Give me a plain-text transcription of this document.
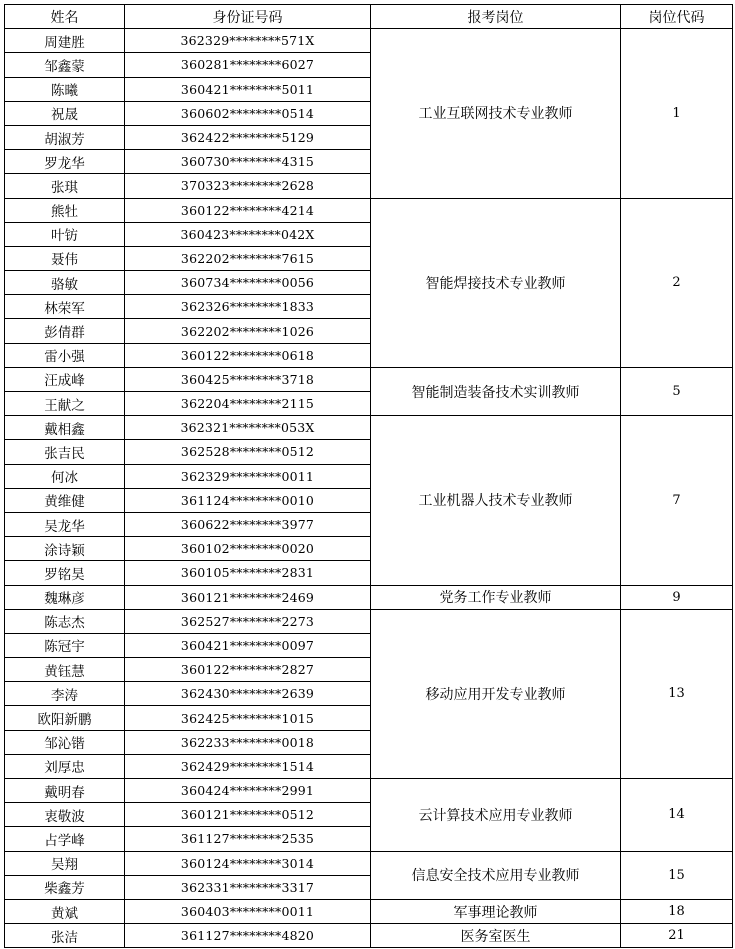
姓名	身份证号码	报考岗位	岗位代码
周建胜	362329********571X	工业互联网技术专业教师	1
邹鑫蒙	360281********6027		
陈曦	360421********5011		
祝晟	360602********0514		
胡淑芳	362422********5129		
罗龙华	360730********4315		
张琪	370323********2628		
熊牡	360122********4214	智能焊接技术专业教师	2
叶钫	360423********042X		
聂伟	362202********7615		
骆敏	360734********0056		
林荣军	362326********1833		
彭倩群	362202********1026		
雷小强	360122********0618		
汪成峰	360425********3718	智能制造装备技术实训教师	5
王献之	362204********2115		
戴相鑫	362321********053X	工业机器人技术专业教师	7
张吉民	362528********0512		
何冰	362329********0011		
黄维健	361124********0010		
吴龙华	360622********3977		
涂诗颖	360102********0020		
罗铭昊	360105********2831		
魏琳彦	360121********2469	党务工作专业教师	9
陈志杰	362527********2273	移动应用开发专业教师	13
陈冠宇	360421********0097		
黄钰慧	360122********2827		
李涛	362430********2639		
欧阳新鹏	362425********1015		
邹沁锴	362233********0018		
刘厚忠	362429********1514		
戴明春	360424********2991	云计算技术应用专业教师	14
衷敬波	360121********0512		
占学峰	361127********2535		
吴翔	360124********3014	信息安全技术应用专业教师	15
柴鑫芳	362331********3317		
黄斌	360403********0011	军事理论教师	18
张洁	361127********4820	医务室医生	21
